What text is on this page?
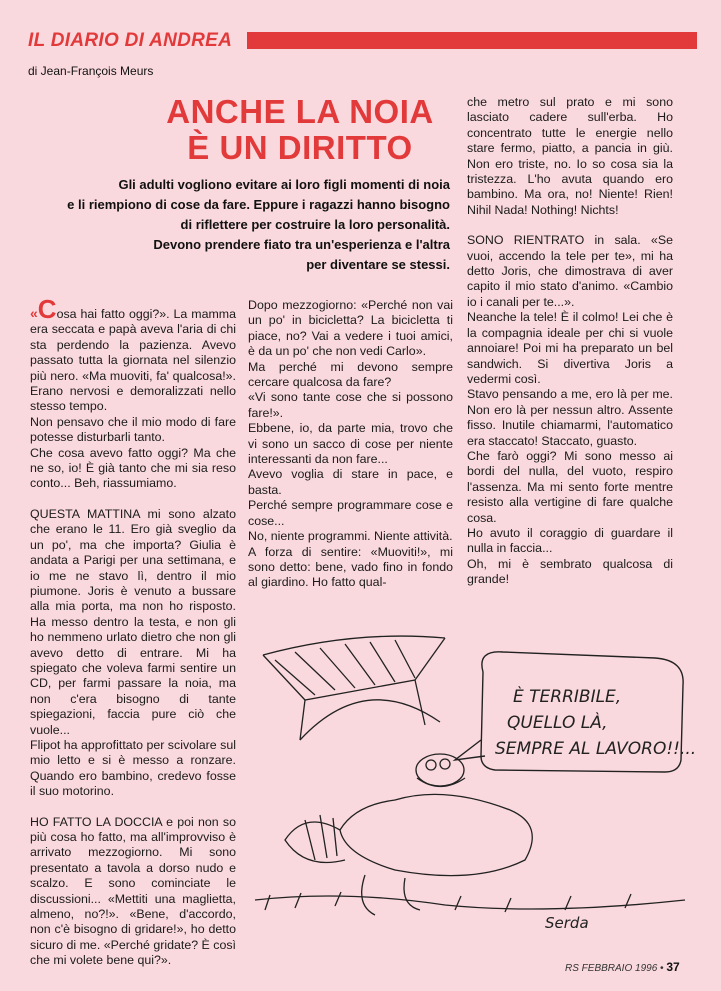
IL DIARIO DI ANDREA
di Jean-François Meurs
ANCHE LA NOIA
È UN DIRITTO
Gli adulti vogliono evitare ai loro figli momenti di noia
e li riempiono di cose da fare. Eppure i ragazzi hanno bisogno
di riflettere per costruire la loro personalità.
Devono prendere fiato tra un'esperienza e l'altra
per diventare se stessi.

«Cosa hai fatto oggi?». La mamma era seccata e papà aveva l'aria di chi sta perdendo la pazienza. Avevo passato tutta la giornata nel silenzio più nero. «Ma muoviti, fa' qualcosa!». Erano nervosi e demoralizzati nello stesso tempo.

Non pensavo che il mio modo di fare potesse disturbarli tanto.

Che cosa avevo fatto oggi? Ma che ne so, io! È già tanto che mi sia reso conto... Beh, riassumiamo.

QUESTA MATTINA mi sono alzato che erano le 11. Ero già sveglio da un po', ma che importa? Giulia è andata a Parigi per una settimana, e io me ne stavo lì, dentro il mio piumone. Joris è venuto a bussare alla mia porta, ma non ho risposto. Ha messo dentro la testa, e non gli ho nemmeno urlato dietro che non gli avevo detto di entrare. Mi ha spiegato che voleva farmi sentire un CD, per farmi passare la noia, ma non c'era bisogno di tante spiegazioni, faccia pure ciò che vuole...

Flipot ha approfittato per scivolare sul mio letto e si è messo a ronzare. Quando ero bambino, credevo fosse il suo motorino.

HO FATTO LA DOCCIA e poi non so più cosa ho fatto, ma all'improvviso è arrivato mezzogiorno. Mi sono presentato a tavola a dorso nudo e scalzo. E sono cominciate le discussioni... «Mettiti una maglietta, almeno, no?!». «Bene, d'accordo, non c'è bisogno di gridare!», ho detto sicuro di me. «Perché gridate? È così che mi volete bene qui?».

Dopo mezzogiorno: «Perché non vai un po' in bicicletta? La bicicletta ti piace, no? Vai a vedere i tuoi amici, è da un po' che non vedi Carlo».

Ma perché mi devono sempre cercare qualcosa da fare?

«Vi sono tante cose che si possono fare!».

Ebbene, io, da parte mia, trovo che vi sono un sacco di cose per niente interessanti da non fare...

Avevo voglia di stare in pace, e basta.

Perché sempre programmare cose e cose...

No, niente programmi. Niente attività.

A forza di sentire: «Muoviti!», mi sono detto: bene, vado fino in fondo al giardino. Ho fatto qual-

che metro sul prato e mi sono lasciato cadere sull'erba. Ho concentrato tutte le energie nello stare fermo, piatto, a pancia in giù. Non ero triste, no. Io so cosa sia la tristezza. L'ho avuta quando ero bambino. Ma ora, no! Niente! Rien! Nihil Nada! Nothing! Nichts!

SONO RIENTRATO in sala. «Se vuoi, accendo la tele per te», mi ha detto Joris, che dimostrava di aver capito il mio stato d'animo. «Cambio io i canali per te...».

Neanche la tele! È il colmo! Lei che è la compagnia ideale per chi si vuole annoiare! Poi mi ha preparato un bel sandwich. Si divertiva Joris a vedermi così.

Stavo pensando a me, ero là per me. Non ero là per nessun altro. Assente fisso. Inutile chiamarmi, l'automatico era staccato! Staccato, guasto.

Che farò oggi? Mi sono messo ai bordi del nulla, del vuoto, respiro l'assenza. Ma mi sento forte mentre resisto alla vertigine di fare qualche cosa.

Ho avuto il coraggio di guardare il nulla in faccia...

Oh, mi è sembrato qualcosa di grande!

È TERRIBILE,
QUELLO LÀ,
SEMPRE AL LAVORO!!...
Serda
RS FEBBRAIO 1996 • 37
